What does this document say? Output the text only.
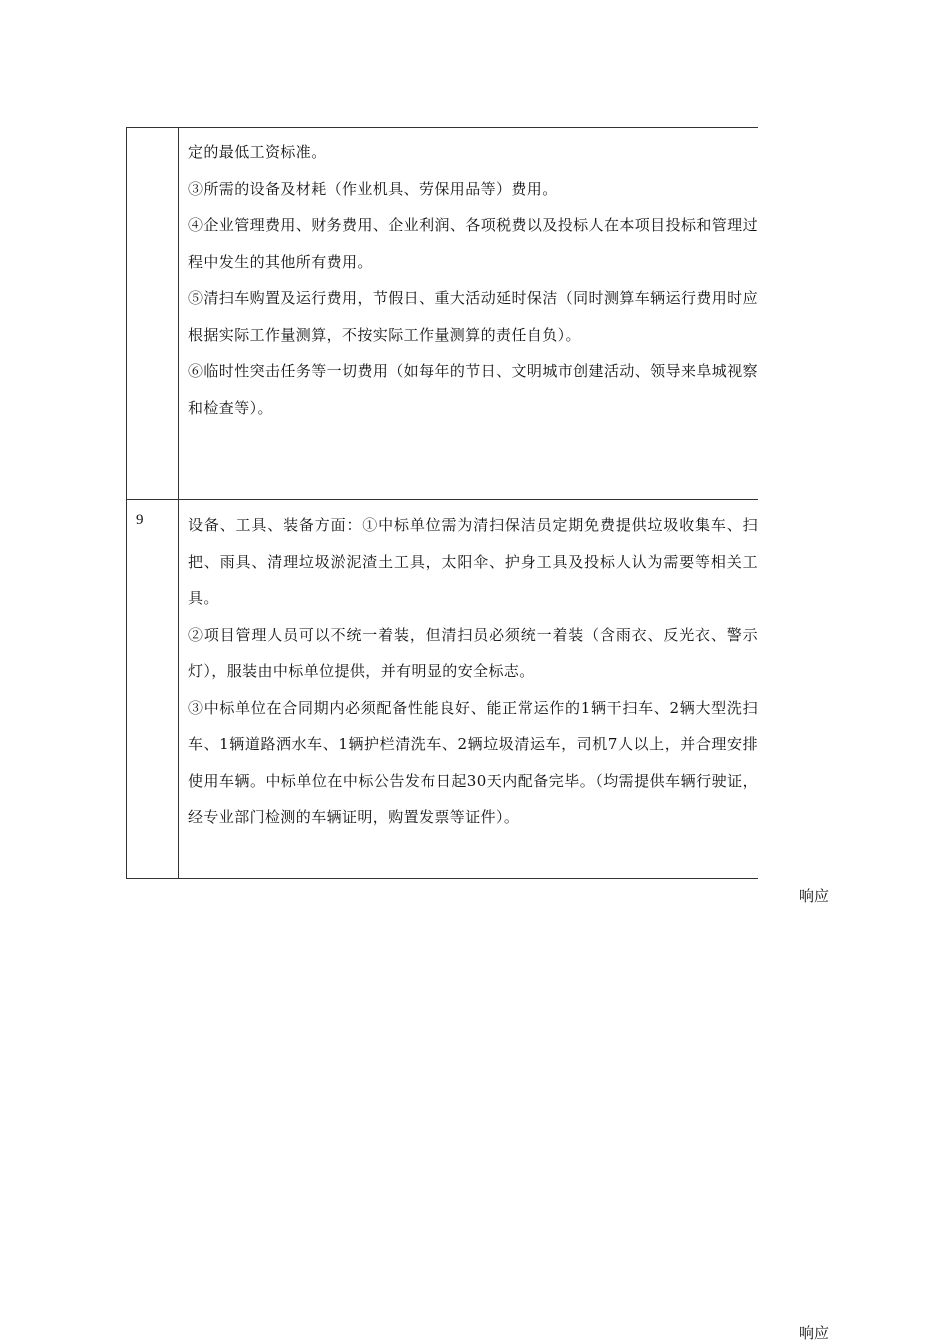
定的最低工资标准。

③所需的设备及材耗（作业机具、劳保用品等）费用。

④企业管理费用、财务费用、企业利润、各项税费以及投标人在本项目投标和管理过程中发生的其他所有费用。

⑤清扫车购置及运行费用，节假日、重大活动延时保洁（同时测算车辆运行费用时应根据实际工作量测算，不按实际工作量测算的责任自负）。

⑥临时性突击任务等一切费用（如每年的节日、文明城市创建活动、领导来阜城视察和检查等）。

9	设备、工具、装备方面：①中标单位需为清扫保洁员定期免费提供垃圾收集车、扫把、雨具、清理垃圾淤泥渣土工具，太阳伞、护身工具及投标人认为需要等相关工具。

②项目管理人员可以不统一着装，但清扫员必须统一着装（含雨衣、反光衣、警示灯），服装由中标单位提供，并有明显的安全标志。

③中标单位在合同期内必须配备性能良好、能正常运作的1辆干扫车、2辆大型洗扫车、1辆道路洒水车、1辆护栏清洗车、2辆垃圾清运车，司机7人以上，并合理安排使用车辆。中标单位在中标公告发布日起30天内配备完毕。（均需提供车辆行驶证，经专业部门检测的车辆证明，购置发票等证件）。

响应
响应
